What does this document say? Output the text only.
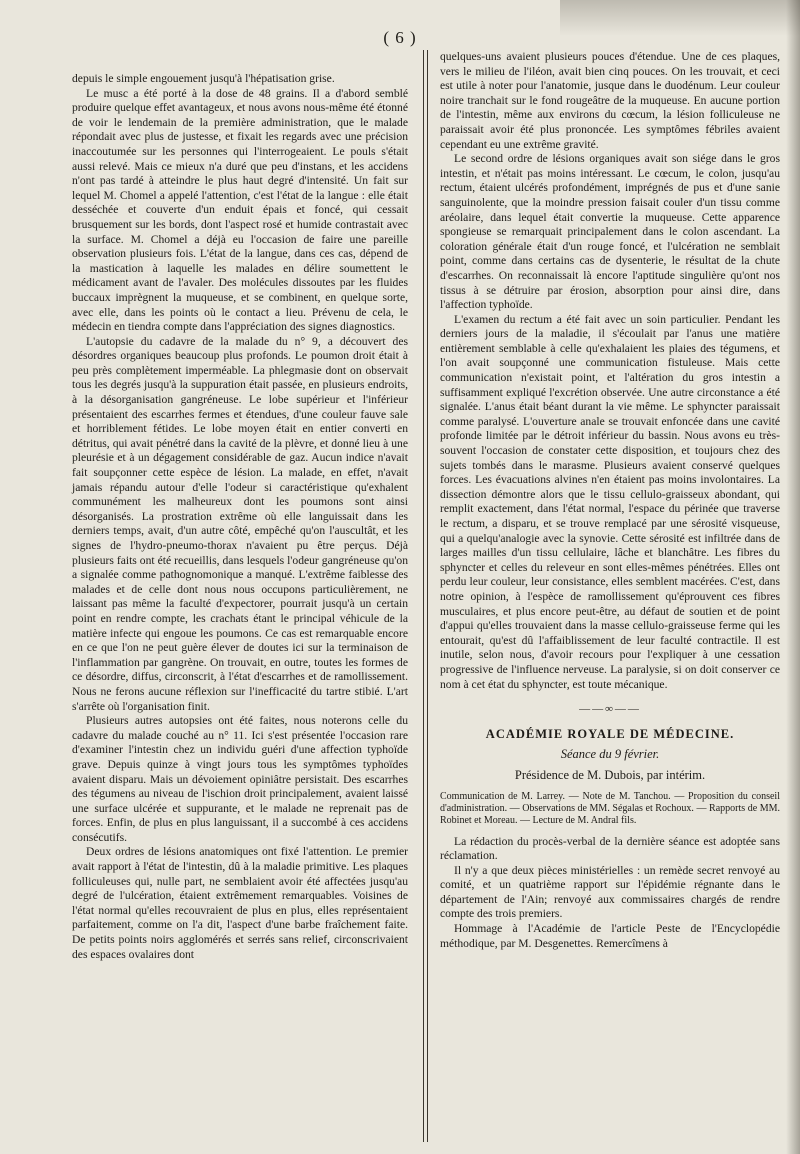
( 6 )

depuis le simple engouement jusqu'à l'hépatisation grise.

Le musc a été porté à la dose de 48 grains. Il a d'abord semblé produire quelque effet avantageux, et nous avons nous-même été étonné de voir le lendemain de la première administration, que le malade répondait avec plus de justesse, et fixait les regards avec une précision inaccoutumée sur les personnes qui l'interrogeaient. Le pouls s'était aussi relevé. Mais ce mieux n'a duré que peu d'instans, et les accidens n'ont pas tardé à atteindre le plus haut degré d'intensité. Un fait sur lequel M. Chomel a appelé l'attention, c'est l'état de la langue : elle était desséchée et couverte d'un enduit épais et foncé, qui cessait brusquement sur les bords, dont l'aspect rosé et humide contrastait avec la surface. M. Chomel a déjà eu l'occasion de faire une pareille observation plusieurs fois. L'état de la langue, dans ces cas, dépend de la mastication à laquelle les malades en délire soumettent le médicament avant de l'avaler. Des molécules dissoutes par les fluides buccaux imprègnent la muqueuse, et se combinent, en quelque sorte, avec elle, dans les points où le contact a lieu. Prévenu de cela, le médecin en tiendra compte dans l'appréciation des signes diagnostics.

L'autopsie du cadavre de la malade du n° 9, a découvert des désordres organiques beaucoup plus profonds. Le poumon droit était à peu près complètement imperméable. La phlegmasie dont on observait tous les degrés jusqu'à la suppuration était passée, en plusieurs endroits, à la désorganisation gangréneuse. Le lobe supérieur et l'inférieur présentaient des escarrhes fermes et étendues, d'une couleur fauve sale et horriblement fétides. Le lobe moyen était en entier converti en détritus, qui avait pénétré dans la cavité de la plèvre, et donné lieu à une pleurésie et à un dégagement considérable de gaz. Aucun indice n'avait fait soupçonner cette espèce de lésion. La malade, en effet, n'avait jamais répandu autour d'elle l'odeur si caractéristique qu'exhalent communément les malheureux dont les poumons sont ainsi désorganisés. La prostration extrême où elle languissait dans les derniers temps, avait, d'un autre côté, empêché qu'on l'auscultât, et les signes de l'hydro-pneumo-thorax n'avaient pu être perçus. Déjà plusieurs faits ont été recueillis, dans lesquels l'odeur gangréneuse qu'on a signalée comme pathognomonique a manqué. L'extrême faiblesse des malades et de celle dont nous nous occupons particulièrement, ne laissant pas même la faculté d'expectorer, pourrait jusqu'à un certain point en rendre compte, les crachats étant le principal véhicule de la matière infecte qui engoue les poumons. Ce cas est remarquable encore en ce que l'on ne peut guère élever de doutes ici sur la terminaison de l'inflammation par gangrène. On trouvait, en outre, toutes les formes de ce désordre, diffus, circonscrit, à l'état d'escarrhes et de ramollissement. Nous ne ferons aucune réflexion sur l'inefficacité du tartre stibié. L'art s'arrête où l'organisation finit.

Plusieurs autres autopsies ont été faites, nous noterons celle du cadavre du malade couché au n° 11. Ici s'est présentée l'occasion rare d'examiner l'intestin chez un individu guéri d'une affection typhoïde grave. Depuis quinze à vingt jours tous les symptômes typhoïdes avaient disparu. Mais un dévoiement opiniâtre persistait. Des escarrhes des tégumens au niveau de l'ischion droit principalement, avaient laissé une surface ulcérée et suppurante, et le malade ne reprenait pas de forces. Enfin, de plus en plus languissant, il a succombé à ces accidens consécutifs.

Deux ordres de lésions anatomiques ont fixé l'attention. Le premier avait rapport à l'état de l'intestin, dû à la maladie primitive. Les plaques folliculeuses qui, nulle part, ne semblaient avoir été affectées jusqu'au degré de l'ulcération, étaient extrêmement remarquables. Voisines de l'état normal qu'elles recouvraient de plus en plus, elles représentaient parfaitement, comme on l'a dit, l'aspect d'une barbe fraîchement faite. De petits points noirs agglomérés et serrés sans relief, circonscrivaient des espaces ovalaires dont

quelques-uns avaient plusieurs pouces d'étendue. Une de ces plaques, vers le milieu de l'iléon, avait bien cinq pouces. On les trouvait, et ceci est utile à noter pour l'anatomie, jusque dans le duodénum. Leur couleur noire tranchait sur le fond rougeâtre de la muqueuse. En aucune portion de l'intestin, même aux environs du cœcum, la lésion folliculeuse ne paraissait avoir été plus prononcée. Les symptômes fébriles avaient cependant eu une extrême gravité.

Le second ordre de lésions organiques avait son siége dans le gros intestin, et n'était pas moins intéressant. Le cœcum, le colon, jusqu'au rectum, étaient ulcérés profondément, imprégnés de pus et d'une sanie sanguinolente, que la moindre pression faisait couler d'un tissu comme aréolaire, dans lequel était convertie la muqueuse. Cette apparence spongieuse se remarquait principalement dans le colon ascendant. La coloration générale était d'un rouge foncé, et l'ulcération ne semblait point, comme dans certains cas de dysenterie, le résultat de la chute d'escarrhes. On reconnaissait là encore l'aptitude singulière qu'ont nos tissus à se détruire par érosion, absorption pour ainsi dire, dans l'affection typhoïde.

L'examen du rectum a été fait avec un soin particulier. Pendant les derniers jours de la maladie, il s'écoulait par l'anus une matière entièrement semblable à celle qu'exhalaient les plaies des tégumens, et l'on avait soupçonné une communication fistuleuse. Mais cette communication n'existait point, et l'altération du gros intestin a suffisamment expliqué l'excrétion observée. Une autre circonstance a été signalée. L'anus était béant durant la vie même. Le sphyncter paraissait comme paralysé. L'ouverture anale se trouvait enfoncée dans une cavité profonde limitée par le détroit inférieur du bassin. Nous avons eu très-souvent l'occasion de constater cette disposition, et toujours chez des sujets tombés dans le marasme. Plusieurs avaient conservé quelques forces. Les évacuations alvines n'en étaient pas moins involontaires. La dissection démontre alors que le tissu cellulo-graisseux abondant, qui remplit exactement, dans l'état normal, l'espace du périnée que traverse le rectum, a disparu, et se trouve remplacé par une sérosité visqueuse, qui a quelqu'analogie avec la synovie. Cette sérosité est infiltrée dans de larges mailles d'un tissu cellulaire, lâche et blanchâtre. Les fibres du sphyncter et celles du releveur en sont elles-mêmes pénétrées. Elles ont perdu leur couleur, leur consistance, elles semblent macérées. C'est, dans notre opinion, à l'espèce de ramollissement qu'éprouvent ces fibres musculaires, et plus encore peut-être, au défaut de soutien et de point d'appui qu'elles trouvaient dans la masse cellulo-graisseuse ferme qui les entourait, qu'est dû l'affaiblissement de leur faculté contractile. Il est inutile, selon nous, d'avoir recours pour l'expliquer à une cessation progressive de l'influence nerveuse. La paralysie, si on doit conserver ce nom à cet état du sphyncter, est toute mécanique.

——∞——
ACADÉMIE ROYALE DE MÉDECINE.
Séance du 9 février.
Présidence de M. Dubois, par intérim.
Communication de M. Larrey. — Note de M. Tanchou. — Proposition du conseil d'administration. — Observations de MM. Ségalas et Rochoux. — Rapports de MM. Robinet et Moreau. — Lecture de M. Andral fils.

La rédaction du procès-verbal de la dernière séance est adoptée sans réclamation.

Il n'y a que deux pièces ministérielles : un remède secret renvoyé au comité, et un quatrième rapport sur l'épidémie régnante dans le département de l'Ain; renvoyé aux commissaires chargés de rendre compte des trois premiers.

Hommage à l'Académie de l'article Peste de l'Encyclopédie méthodique, par M. Desgenettes. Remercîmens à
